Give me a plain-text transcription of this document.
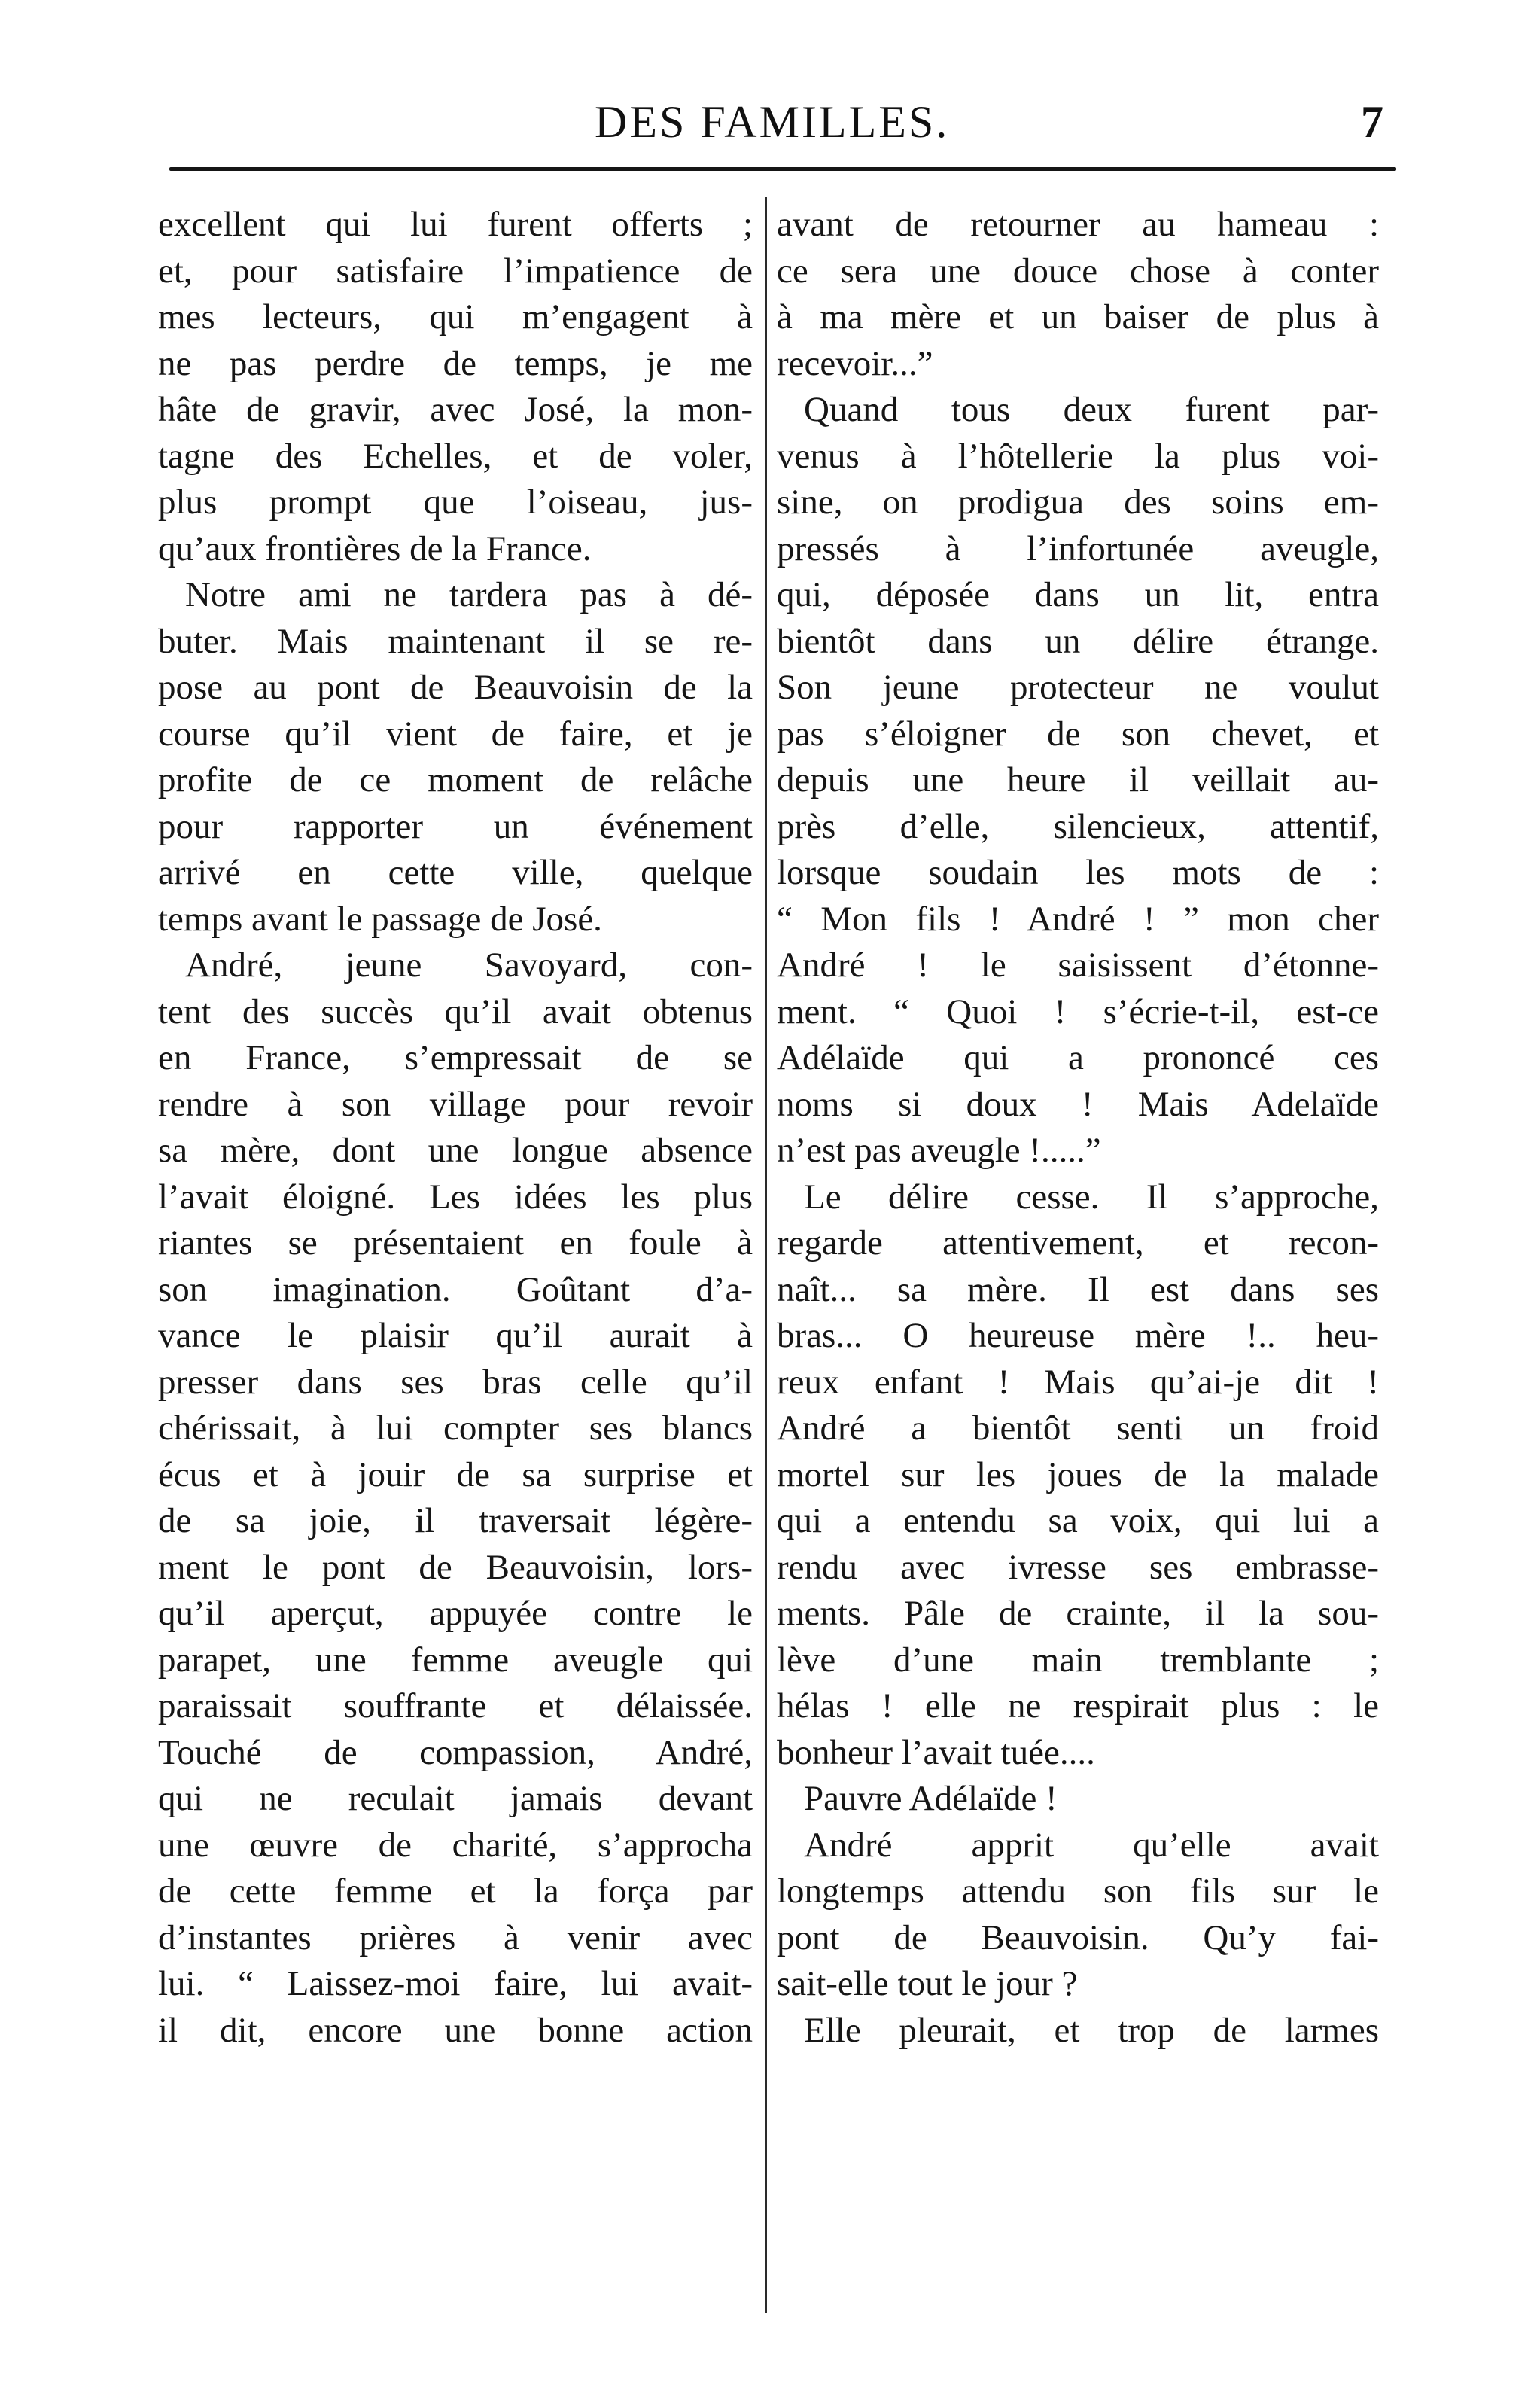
DES FAMILLES.	7
excellent qui lui furent offerts ;
et, pour satisfaire l’impatience de
mes lecteurs, qui m’engagent à
ne pas perdre de temps, je me
hâte de gravir, avec José, la mon-
tagne des Echelles, et de voler,
plus prompt que l’oiseau, jus-
qu’aux frontières de la France.
Notre ami ne tardera pas à dé-
buter. Mais maintenant il se re-
pose au pont de Beauvoisin de la
course qu’il vient de faire, et je
profite de ce moment de relâche
pour rapporter un événement
arrivé en cette ville, quelque
temps avant le passage de José.
André, jeune Savoyard, con-
tent des succès qu’il avait obtenus
en France, s’empressait de se
rendre à son village pour revoir
sa mère, dont une longue absence
l’avait éloigné. Les idées les plus
riantes se présentaient en foule à
son imagination. Goûtant d’a-
vance le plaisir qu’il aurait à
presser dans ses bras celle qu’il
chérissait, à lui compter ses blancs
écus et à jouir de sa surprise et
de sa joie, il traversait légère-
ment le pont de Beauvoisin, lors-
qu’il aperçut, appuyée contre le
parapet, une femme aveugle qui
paraissait souffrante et délaissée.
Touché de compassion, André,
qui ne reculait jamais devant
une œuvre de charité, s’approcha
de cette femme et la força par
d’instantes prières à venir avec
lui. “ Laissez-moi faire, lui avait-
il dit, encore une bonne action
avant de retourner au hameau :
ce sera une douce chose à conter
à ma mère et un baiser de plus à
recevoir...”
Quand tous deux furent par-
venus à l’hôtellerie la plus voi-
sine, on prodigua des soins em-
pressés à l’infortunée aveugle,
qui, déposée dans un lit, entra
bientôt dans un délire étrange.
Son jeune protecteur ne voulut
pas s’éloigner de son chevet, et
depuis une heure il veillait au-
près d’elle, silencieux, attentif,
lorsque soudain les mots de :
“ Mon fils ! André ! ” mon cher
André ! le saisissent d’étonne-
ment. “ Quoi ! s’écrie-t-il, est-ce
Adélaïde qui a prononcé ces
noms si doux ! Mais Adelaïde
n’est pas aveugle !.....”
Le délire cesse. Il s’approche,
regarde attentivement, et recon-
naît... sa mère. Il est dans ses
bras... O heureuse mère !.. heu-
reux enfant ! Mais qu’ai-je dit !
André a bientôt senti un froid
mortel sur les joues de la malade
qui a entendu sa voix, qui lui a
rendu avec ivresse ses embrasse-
ments. Pâle de crainte, il la sou-
lève d’une main tremblante ;
hélas ! elle ne respirait plus : le
bonheur l’avait tuée....
Pauvre Adélaïde !
André apprit qu’elle avait
longtemps attendu son fils sur le
pont de Beauvoisin. Qu’y fai-
sait-elle tout le jour ?
Elle pleurait, et trop de larmes
